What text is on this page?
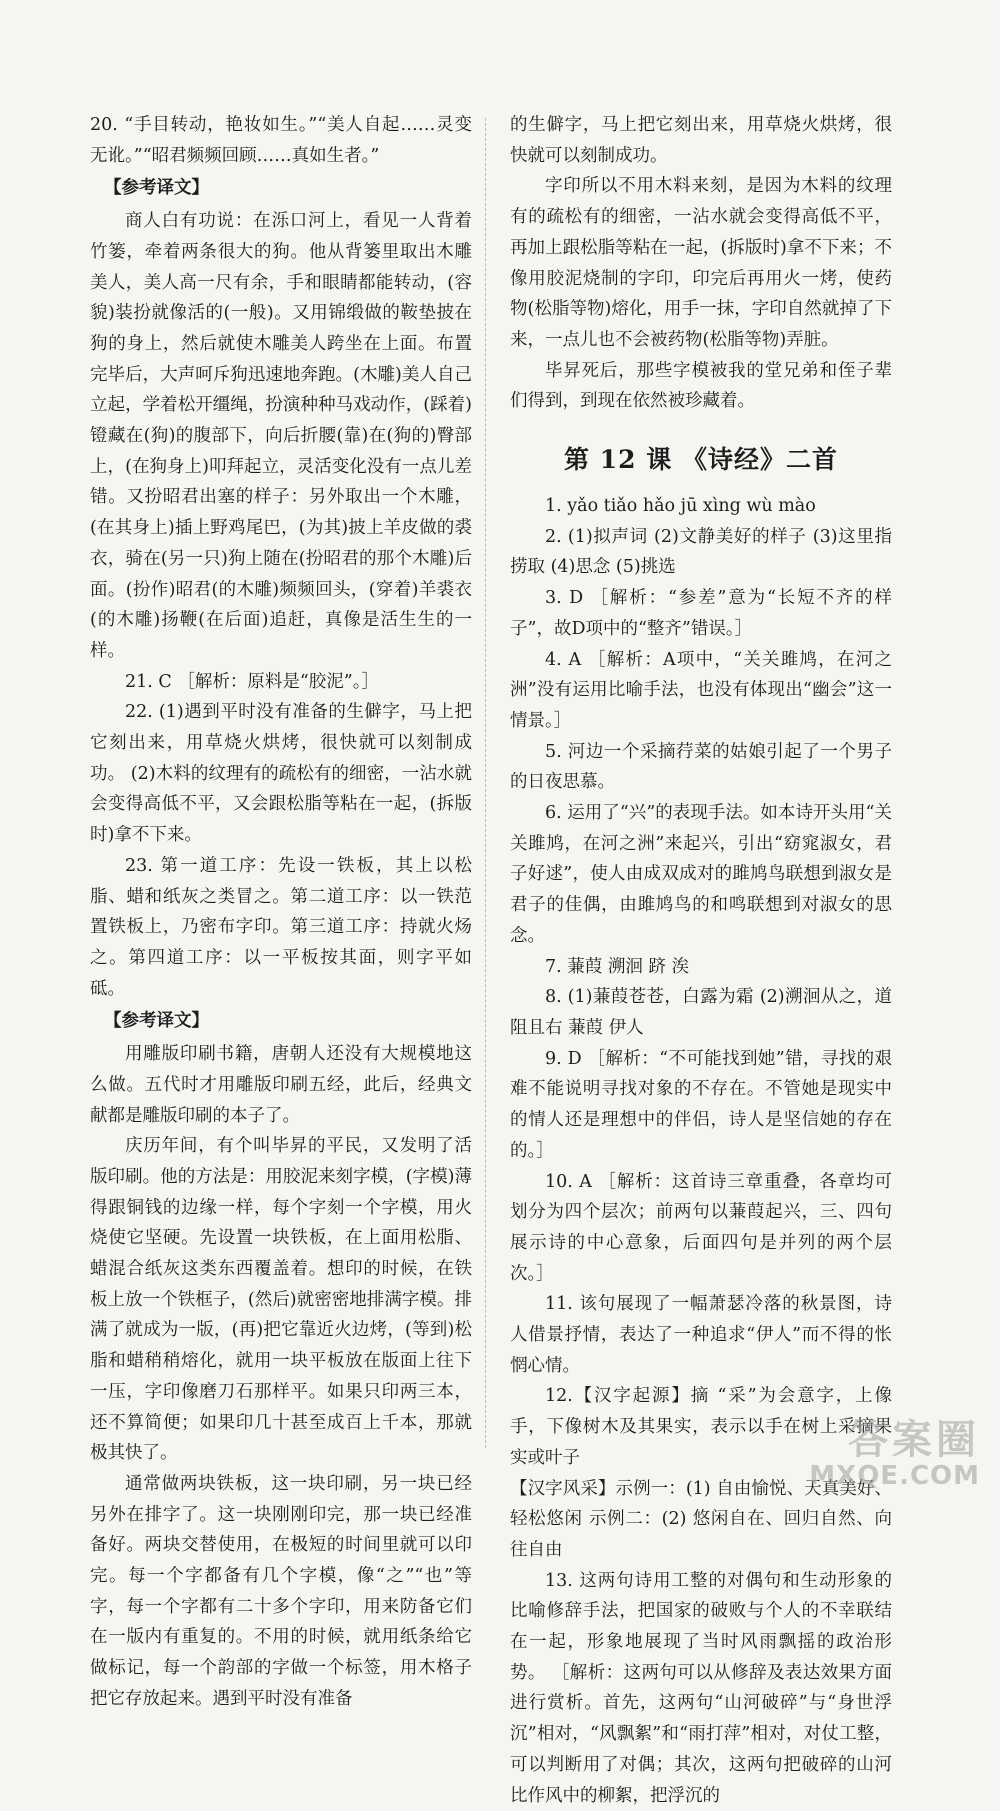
20. “手目转动，艳妆如生。”“美人自起……灵变无讹。”“昭君频频回顾……真如生者。”

【参考译文】

商人白有功说：在泺口河上，看见一人背着竹篓，牵着两条很大的狗。他从背篓里取出木雕美人，美人高一尺有余，手和眼睛都能转动，(容貌)装扮就像活的(一般)。又用锦缎做的鞍垫披在狗的身上，然后就使木雕美人跨坐在上面。布置完毕后，大声呵斥狗迅速地奔跑。(木雕)美人自己立起，学着松开缰绳，扮演种种马戏动作，(踩着)镫藏在(狗)的腹部下，向后折腰(靠)在(狗的)臀部上，(在狗身上)叩拜起立，灵活变化没有一点儿差错。又扮昭君出塞的样子：另外取出一个木雕，(在其身上)插上野鸡尾巴，(为其)披上羊皮做的裘衣，骑在(另一只)狗上随在(扮昭君的那个木雕)后面。(扮作)昭君(的木雕)频频回头，(穿着)羊裘衣(的木雕)扬鞭(在后面)追赶，真像是活生生的一样。

21. C ［解析：原料是“胶泥”。］

22. (1)遇到平时没有准备的生僻字，马上把它刻出来，用草烧火烘烤，很快就可以刻制成功。 (2)木料的纹理有的疏松有的细密，一沾水就会变得高低不平，又会跟松脂等粘在一起，(拆版时)拿不下来。

23. 第一道工序：先设一铁板，其上以松脂、蜡和纸灰之类冒之。第二道工序：以一铁范置铁板上，乃密布字印。第三道工序：持就火炀之。第四道工序：以一平板按其面，则字平如砥。

【参考译文】

用雕版印刷书籍，唐朝人还没有大规模地这么做。五代时才用雕版印刷五经，此后，经典文献都是雕版印刷的本子了。

庆历年间，有个叫毕昇的平民，又发明了活版印刷。他的方法是：用胶泥来刻字模，(字模)薄得跟铜钱的边缘一样，每个字刻一个字模，用火烧使它坚硬。先设置一块铁板，在上面用松脂、蜡混合纸灰这类东西覆盖着。想印的时候，在铁板上放一个铁框子，(然后)就密密地排满字模。排满了就成为一版，(再)把它靠近火边烤，(等到)松脂和蜡稍稍熔化，就用一块平板放在版面上往下一压，字印像磨刀石那样平。如果只印两三本，还不算简便；如果印几十甚至成百上千本，那就极其快了。

通常做两块铁板，这一块印刷，另一块已经另外在排字了。这一块刚刚印完，那一块已经准备好。两块交替使用，在极短的时间里就可以印完。每一个字都备有几个字模，像“之”“也”等字，每一个字都有二十多个字印，用来防备它们在一版内有重复的。不用的时候，就用纸条给它做标记，每一个韵部的字做一个标签，用木格子把它存放起来。遇到平时没有准备

的生僻字，马上把它刻出来，用草烧火烘烤，很快就可以刻制成功。

字印所以不用木料来刻，是因为木料的纹理有的疏松有的细密，一沾水就会变得高低不平，再加上跟松脂等粘在一起，(拆版时)拿不下来；不像用胶泥烧制的字印，印完后再用火一烤，使药物(松脂等物)熔化，用手一抹，字印自然就掉了下来，一点儿也不会被药物(松脂等物)弄脏。

毕昇死后，那些字模被我的堂兄弟和侄子辈们得到，到现在依然被珍藏着。

第 12 课 《诗经》二首

1. yǎo tiǎo hǎo jū xìng wù mào

2. (1)拟声词 (2)文静美好的样子 (3)这里指捞取 (4)思念 (5)挑选

3. D ［解析：“参差”意为“长短不齐的样子”，故D项中的“整齐”错误。］

4. A ［解析：A项中，“关关雎鸠，在河之洲”没有运用比喻手法，也没有体现出“幽会”这一情景。］

5. 河边一个采摘荇菜的姑娘引起了一个男子的日夜思慕。

6. 运用了“兴”的表现手法。如本诗开头用“关关雎鸠，在河之洲”来起兴，引出“窈窕淑女，君子好逑”，使人由成双成对的雎鸠鸟联想到淑女是君子的佳偶，由雎鸠鸟的和鸣联想到对淑女的思念。

7. 蒹葭 溯洄 跻 涘

8. (1)蒹葭苍苍，白露为霜 (2)溯洄从之，道阻且右 蒹葭 伊人

9. D ［解析：“不可能找到她”错，寻找的艰难不能说明寻找对象的不存在。不管她是现实中的情人还是理想中的伴侣，诗人是坚信她的存在的。］

10. A ［解析：这首诗三章重叠，各章均可划分为四个层次；前两句以蒹葭起兴，三、四句展示诗的中心意象，后面四句是并列的两个层次。］

11. 该句展现了一幅萧瑟冷落的秋景图，诗人借景抒情，表达了一种追求“伊人”而不得的怅惘心情。

12.【汉字起源】摘 “采”为会意字，上像手，下像树木及其果实，表示以手在树上采摘果实或叶子

【汉字风采】示例一：(1) 自由愉悦、天真美好、轻松悠闲 示例二：(2) 悠闲自在、回归自然、向往自由

13. 这两句诗用工整的对偶句和生动形象的比喻修辞手法，把国家的破败与个人的不幸联结在一起，形象地展现了当时风雨飘摇的政治形势。 ［解析：这两句可以从修辞及表达效果方面进行赏析。首先，这两句“山河破碎”与“身世浮沉”相对，“风飘絮”和“雨打萍”相对，对仗工整，可以判断用了对偶；其次，这两句把破碎的山河比作风中的柳絮，把浮沉的

答案圈
MXQE.COM
